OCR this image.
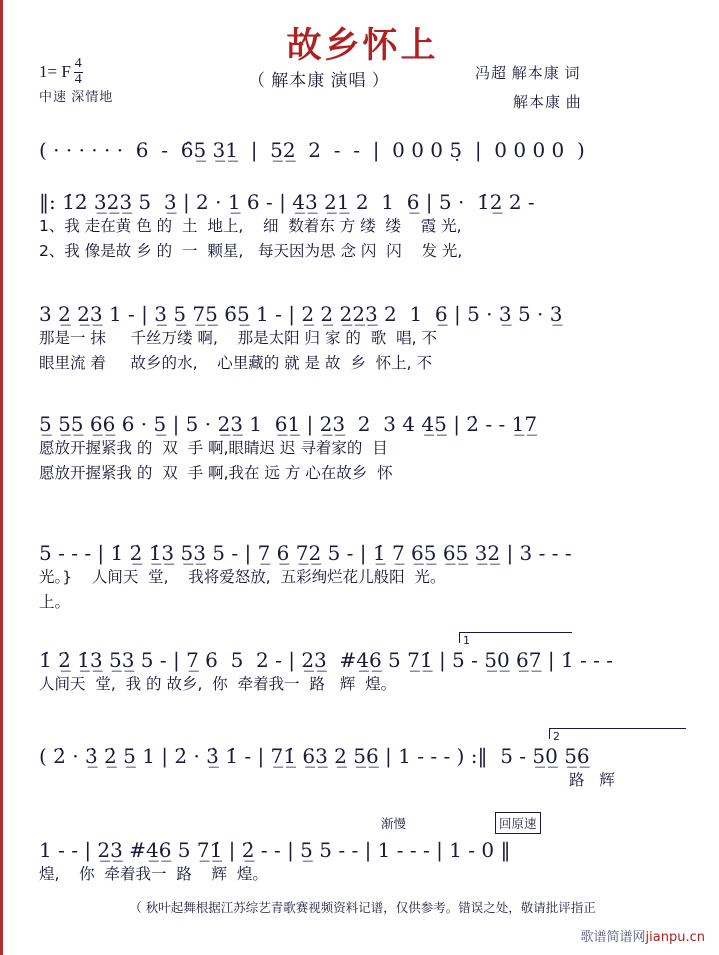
故乡怀上
1= F $\frac{4}{4}$
中速 深情地
（ 解本康 演唱 ）	冯超 解本康 词
解本康 曲
( · · · · · ·  6  -  6̂5̲ 3̲1̲  |  5̲2̲  2  -  -  |  0 0 0 5̣  |  0 0 0 0  )
‖: 1̇2̇ 3̲2̲3̲ 5  3̲ | 2 · 1̲ 6 - | 4̲3̲ 2̲1̲ 2  1  6̲ | 5 ·  1̇2̲ 2 -
1、我 走在黄 色 的  土  地上,    细  数着东 方 缕  缕    霞 光,
2、我 像是故 乡 的  一  颗星,   每天因为思 念 闪  闪    发 光,
3 2̲ 2̲3̲ 1 - | 3̲ 5̲ 7̲5̲ 6̇5̲ 1 - | 2̲ 2̲ 2̲2̲3̲ 2  1  6̲ | 5 · 3̲ 5 · 3̲
那是一 抹     千丝万缕 啊,    那是太阳 归 家 的  歌  唱, 不
眼里流 着     故乡的水,    心里藏的 就 是 故  乡  怀上, 不
5̲ 5̲5̲ 6̲6̲ 6 · 5̲ | 5 · 2̲3̲ 1  6̲1̲ | 2̲3̲  2  3 4 4̲5̲ | 2̇ - - 1̲7̲
愿放开握紧我 的  双  手 啊,眼睛迟 迟 寻着家的  目
愿放开握紧我 的  双  手 啊,我在 远 方 心在故乡  怀
5 - - - | 1̇ 2̲̇ 1̲̇3̲ 5̲3̲ 5 - | 7̲ 6̲ 7̲2̲ 5 - | 1̲̇ 7̲ 6̲5̲ 6̲5̲ 3̲2̲ | 3 - - -
光。}    人间天  堂,    我将爱怒放,  五彩绚烂花儿般阳  光。
上。
1̇ 2̲̇ 1̲̇3̲ 5̲3̲ 5 - | 7̲ 6  5  2 - | 2̲3̲  #4̲6̲ 5 7̲1̲̇ | 5 - 5̲0̲ 6̲7̲ | 1̇ - - -
人间天  堂,  我 的 故乡,  你  牵着我一  路   辉  煌。
1
( 2̇ · 3̲̇ 2̲̇ 5̲ 1 | 2̇ · 3̲̇ 1̇ - | 7̲1̲̇ 6̲3̲ 2̲ 5̲6̲ | 1 - - - ) :‖  5 - 5̲0̲ 5̲6̲
路   辉
2
1 - - | 2̲3̲ #4̲6̲ 5 7̲1̲̇ | 2̲̇ - - | 5̲ 5 - - | 1 - - - | 1 - 0 ‖
煌,    你  牵着我一  路    辉  煌。
渐慢	回原速
（ 秋叶起舞根据江苏综艺青歌赛视频资料记谱，仅供参考。错误之处，敬请批评指正
歌谱简谱网jianpu.cn
